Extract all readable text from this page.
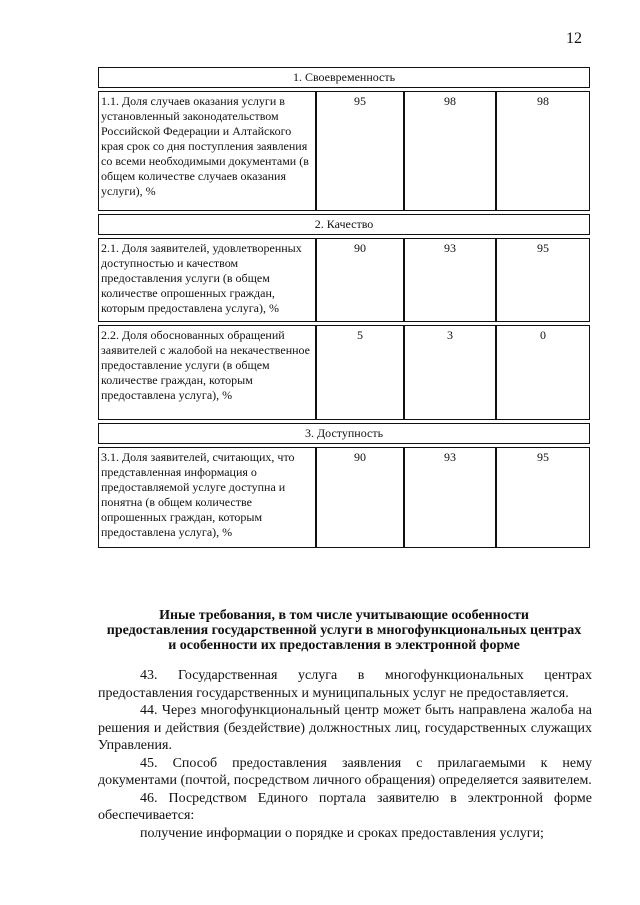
12

1. Своевременность			
1.1. Доля случаев оказания услуги в установленный законодательством Российской Федерации и Алтайского края срок со дня поступления заявления со всеми необходимыми документами (в общем количестве случаев оказания услуги), %	95	98	98
2. Качество			
2.1. Доля заявителей, удовлетворенных доступностью и качеством предоставления услуги (в общем количестве опрошенных граждан, которым предоставлена услуга), %	90	93	95
2.2. Доля обоснованных обращений заявителей с жалобой на некачественное предоставление услуги (в общем количестве граждан, которым предоставлена услуга), %	5	3	0
3. Доступность			
3.1. Доля заявителей, считающих, что представленная информация о предоставляемой услуге доступна и понятна (в общем количестве опрошенных граждан, которым предоставлена услуга), %	90	93	95
Иные требования, в том числе учитывающие особенности
предоставления государственной услуги в многофункциональных центрах
и особенности их предоставления в электронной форме

43. Государственная услуга в многофункциональных центрах предоставления государственных и муниципальных услуг не предоставляется.

44. Через многофункциональный центр может быть направлена жалоба на решения и действия (бездействие) должностных лиц, государственных служащих Управления.

45. Способ предоставления заявления с прилагаемыми к нему документами (почтой, посредством личного обращения) определяется заявителем.

46. Посредством Единого портала заявителю в электронной форме обеспечивается:

получение информации о порядке и сроках предоставления услуги;
